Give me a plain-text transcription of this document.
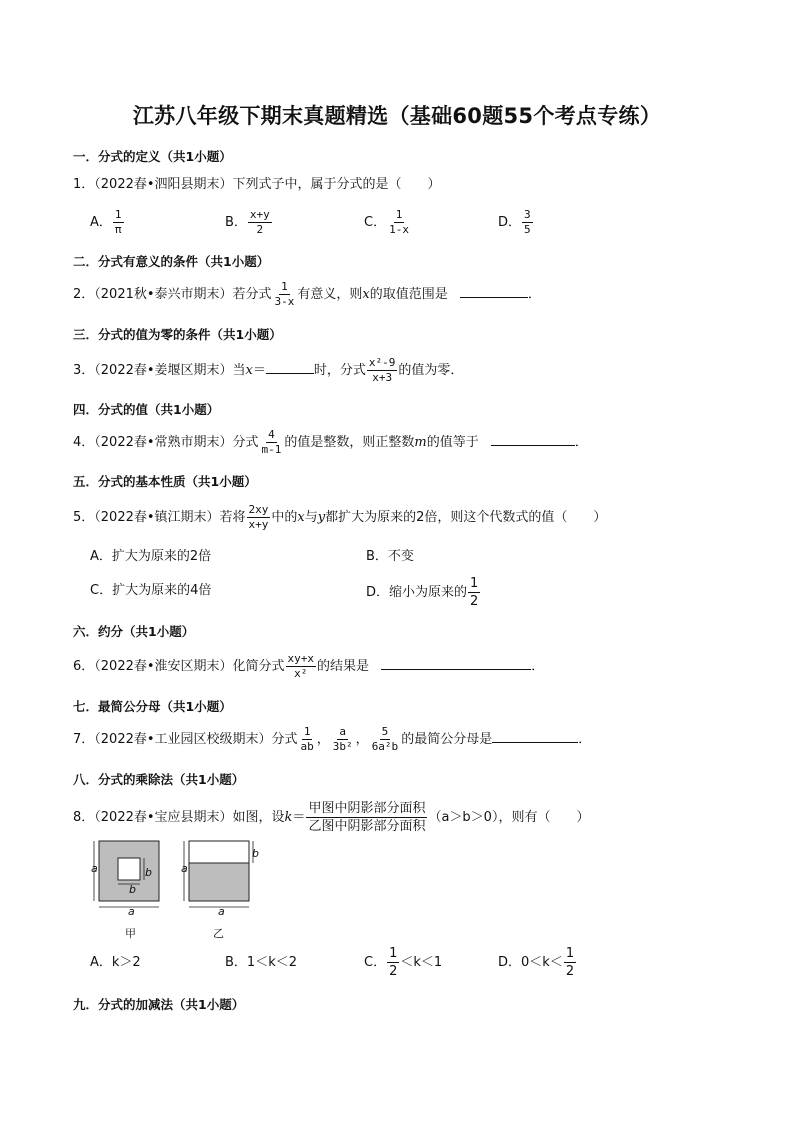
江苏八年级下期末真题精选（基础60题55个考点专练）
一．分式的定义（共1小题）
1．（2022春•泗阳县期末）下列式子中，属于分式的是（　　）
A． $\frac{1}{\pi}$	B． $\frac{x+y}{2}$	C． $\frac{1}{1-x}$	D． $\frac{3}{5}$
二．分式有意义的条件（共1小题）
2．（2021秋•泰兴市期末）若分式 $\frac{1}{3-x}$ 有意义，则x的取值范围是	．
三．分式的值为零的条件（共1小题）
3．（2022春•姜堰区期末）当x＝	时，分式 $\frac{\text{x²-9}}{x+3}$ 的值为零．
四．分式的值（共1小题）
4．（2022春•常熟市期末）分式 $\frac{4}{m-1}$ 的值是整数，则正整数m的值等于	．
五．分式的基本性质（共1小题）
5．（2022春•镇江期末）若将 $\frac{2xy}{x+y}$ 中的x与y都扩大为原来的2倍，则这个代数式的值（　　）
A．扩大为原来的2倍	B．不变
C．扩大为原来的4倍	D．缩小为原来的 $\frac{1}{2}$
六．约分（共1小题）
6．（2022春•淮安区期末）化简分式 $\frac{xy+x}{\text{x²}}$ 的结果是	．
七．最简公分母（共1小题）
7．（2022春•工业园区校级期末）分式 $\frac{1}{ab}$ ， $\frac{a}{\text{3b²}}$ ， $\frac{5}{\text{6a²b}}$ 的最简公分母是	．
八．分式的乘除法（共1小题）
8．（2022春•宝应县期末）如图，设$k= \frac{\text{甲图中阴影部分面积}}{\text{乙图中阴影部分面积}} (a>b>0)$，则有（　　）
a	b
b
a
甲
a
b
a
乙
A．k＞2	B．1＜k＜2	C． $\frac{1}{2} <k<1$	D．$0<k< \frac{1}{2}$
九．分式的加减法（共1小题）
